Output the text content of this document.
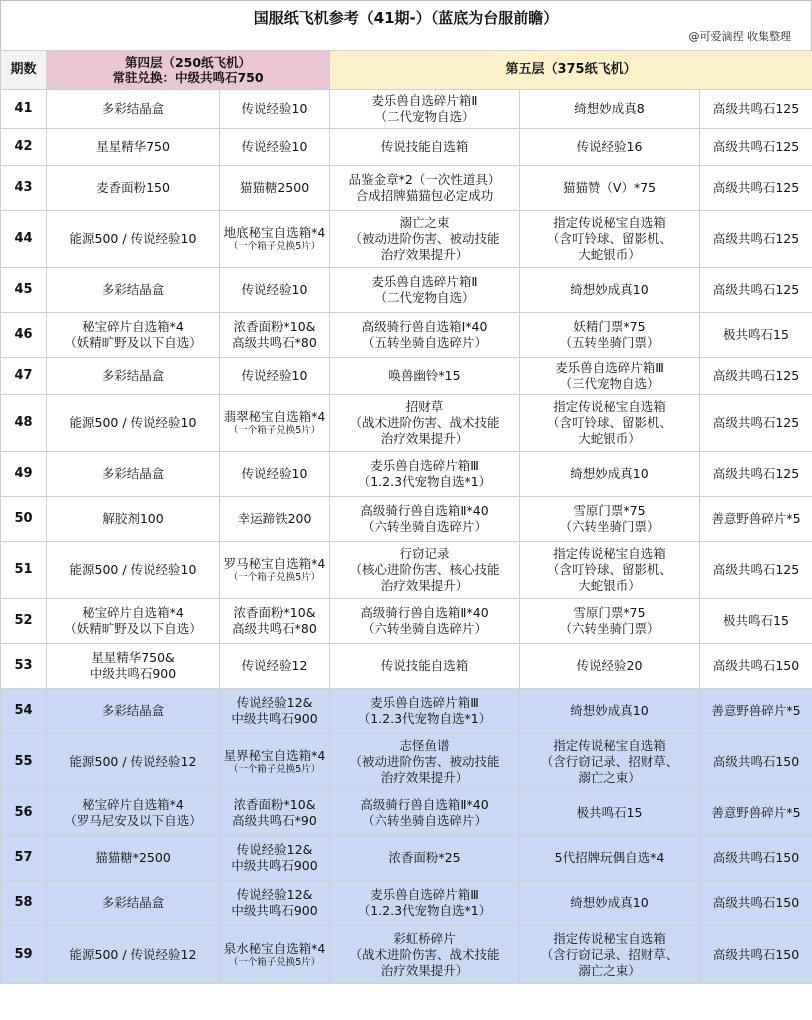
国服纸飞机参考（41期-）（蓝底为台服前瞻）
@可爱滴捏 收集整理
期数	第四层（250纸飞机）
常驻兑换：中级共鸣石750		第五层（375纸飞机）		
41	多彩结晶盒	传说经验10	麦乐兽自选碎片箱Ⅱ
（二代宠物自选）	绮想妙成真8	高级共鸣石125

42	星星精华750	传说经验10	传说技能自选箱	传说经验16	高级共鸣石125

43	麦香面粉150	猫猫糖2500	品鉴金章*2（一次性道具）
合成招牌猫猫包必定成功	猫猫赞（Ⅴ）*75	高级共鸣石125

44	能源500 / 传说经验10	地底秘宝自选箱*4
（一个箱子兑换5片）	溺亡之束
（被动进阶伤害、被动技能
治疗效果提升）	指定传说秘宝自选箱
（含叮铃球、留影机、
大蛇银币）	高级共鸣石125

45	多彩结晶盒	传说经验10	麦乐兽自选碎片箱Ⅱ
（二代宠物自选）	绮想妙成真10	高级共鸣石125

46	秘宝碎片自选箱*4
（妖精旷野及以下自选）	浓香面粉*10&
高级共鸣石*80	高级骑行兽自选箱Ⅰ*40
（五转坐骑自选碎片）	妖精门票*75
（五转坐骑门票）	极共鸣石15

47	多彩结晶盒	传说经验10	唤兽幽铃*15	麦乐兽自选碎片箱Ⅲ
（三代宠物自选）	高级共鸣石125

48	能源500 / 传说经验10	翡翠秘宝自选箱*4
（一个箱子兑换5片）	招财草
（战术进阶伤害、战术技能
治疗效果提升）	指定传说秘宝自选箱
（含叮铃球、留影机、
大蛇银币）	高级共鸣石125

49	多彩结晶盒	传说经验10	麦乐兽自选碎片箱Ⅲ
（1.2.3代宠物自选*1）	绮想妙成真10	高级共鸣石125

50	解胶剂100	幸运蹄铁200	高级骑行兽自选箱Ⅱ*40
（六转坐骑自选碎片）	雪原门票*75
（六转坐骑门票）	善意野兽碎片*5

51	能源500 / 传说经验10	罗马秘宝自选箱*4
（一个箱子兑换5片）	行窃记录
（核心进阶伤害、核心技能
治疗效果提升）	指定传说秘宝自选箱
（含叮铃球、留影机、
大蛇银币）	高级共鸣石125

52	秘宝碎片自选箱*4
（妖精旷野及以下自选）	浓香面粉*10&
高级共鸣石*80	高级骑行兽自选箱Ⅱ*40
（六转坐骑自选碎片）	雪原门票*75
（六转坐骑门票）	极共鸣石15

53	星星精华750&
中级共鸣石900	传说经验12	传说技能自选箱	传说经验20	高级共鸣石150

54	多彩结晶盒	传说经验12&
中级共鸣石900	麦乐兽自选碎片箱Ⅲ
（1.2.3代宠物自选*1）	绮想妙成真10	善意野兽碎片*5

55	能源500 / 传说经验12	星界秘宝自选箱*4
（一个箱子兑换5片）	志怪鱼谱
（被动进阶伤害、被动技能
治疗效果提升）	指定传说秘宝自选箱
（含行窃记录、招财草、
溺亡之束）	高级共鸣石150

56	秘宝碎片自选箱*4
（罗马尼安及以下自选）	浓香面粉*10&
高级共鸣石*90	高级骑行兽自选箱Ⅱ*40
（六转坐骑自选碎片）	极共鸣石15	善意野兽碎片*5

57	猫猫糖*2500	传说经验12&
中级共鸣石900	浓香面粉*25	5代招牌玩偶自选*4	高级共鸣石150

58	多彩结晶盒	传说经验12&
中级共鸣石900	麦乐兽自选碎片箱Ⅲ
（1.2.3代宠物自选*1）	绮想妙成真10	高级共鸣石150

59	能源500 / 传说经验12	泉水秘宝自选箱*4
（一个箱子兑换5片）	彩虹桥碎片
（战术进阶伤害、战术技能
治疗效果提升）	指定传说秘宝自选箱
（含行窃记录、招财草、
溺亡之束）	高级共鸣石150
